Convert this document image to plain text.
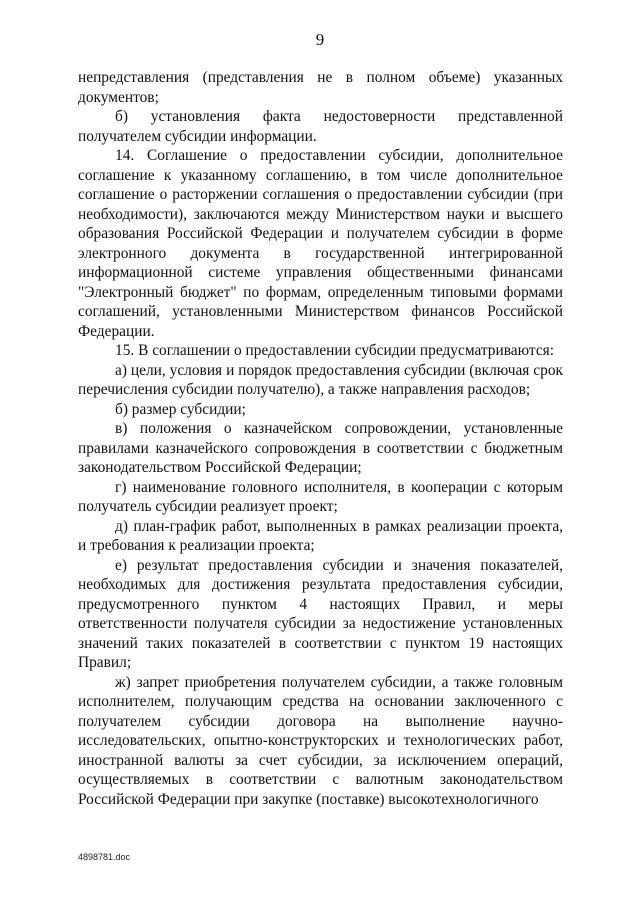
9

непредставления (представления не в полном объеме) указанных документов;

б) установления факта недостоверности представленной получателем субсидии информации.

14. Соглашение о предоставлении субсидии, дополнительное соглашение к указанному соглашению, в том числе дополнительное соглашение о расторжении соглашения о предоставлении субсидии (при необходимости), заключаются между Министерством науки и высшего образования Российской Федерации и получателем субсидии в форме электронного документа в государственной интегрированной информационной системе управления общественными финансами "Электронный бюджет" по формам, определенным типовыми формами соглашений, установленными Министерством финансов Российской Федерации.

15. В соглашении о предоставлении субсидии предусматриваются:

а) цели, условия и порядок предоставления субсидии (включая срок перечисления субсидии получателю), а также направления расходов;

б) размер субсидии;

в) положения о казначейском сопровождении, установленные правилами казначейского сопровождения в соответствии с бюджетным законодательством Российской Федерации;

г) наименование головного исполнителя, в кооперации с которым получатель субсидии реализует проект;

д) план-график работ, выполненных в рамках реализации проекта, и требования к реализации проекта;

е) результат предоставления субсидии и значения показателей, необходимых для достижения результата предоставления субсидии, предусмотренного пунктом 4 настоящих Правил, и меры ответственности получателя субсидии за недостижение установленных значений таких показателей в соответствии с пунктом 19 настоящих Правил;

ж) запрет приобретения получателем субсидии, а также головным исполнителем, получающим средства на основании заключенного с получателем субсидии договора на выполнение научно-исследовательских, опытно-конструкторских и технологических работ, иностранной валюты за счет субсидии, за исключением операций, осуществляемых в соответствии с валютным законодательством Российской Федерации при закупке (поставке) высокотехнологичного

4898781.doc
